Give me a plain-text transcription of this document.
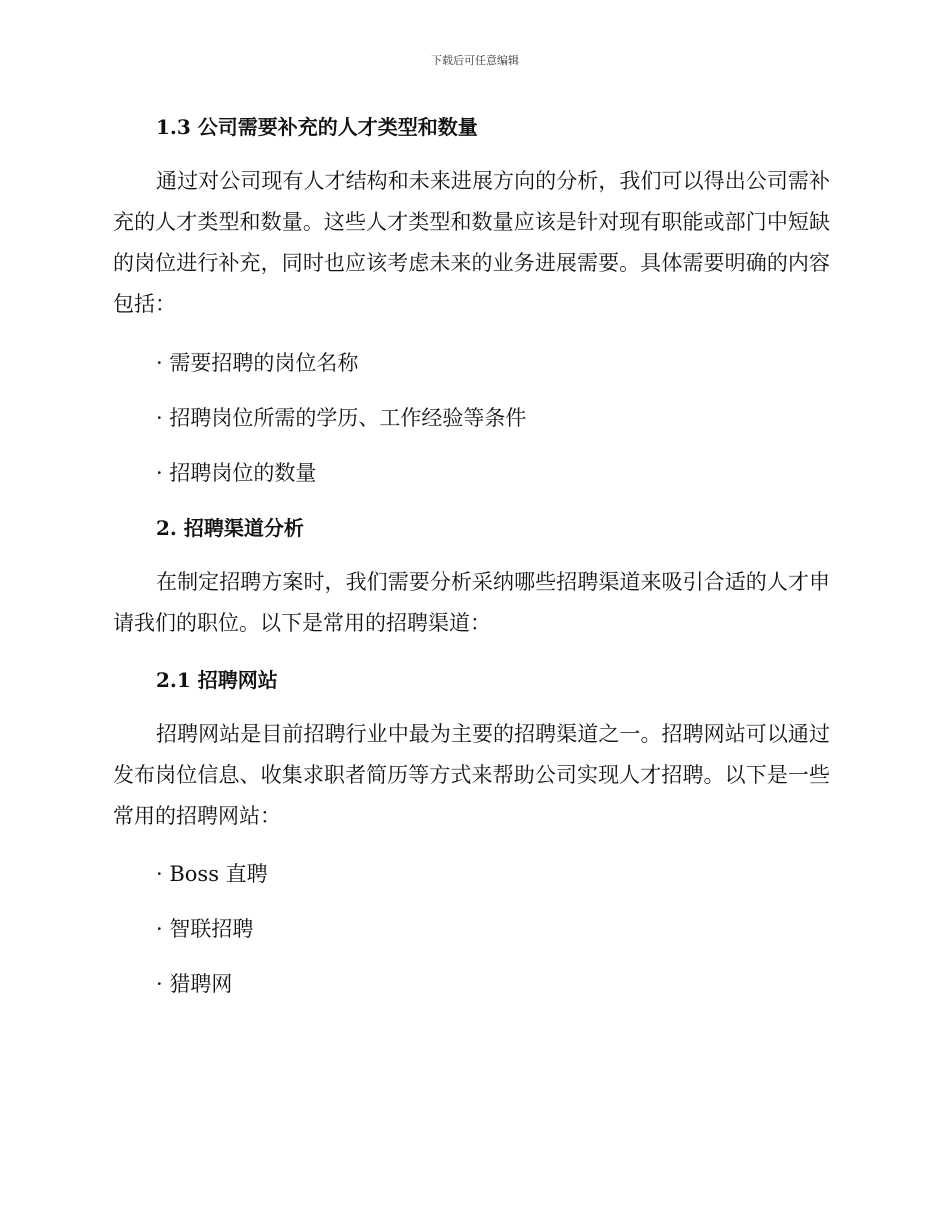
下载后可任意编辑
1.3 公司需要补充的人才类型和数量

通过对公司现有人才结构和未来进展方向的分析，我们可以得出公司需补充的人才类型和数量。这些人才类型和数量应该是针对现有职能或部门中短缺的岗位进行补充，同时也应该考虑未来的业务进展需要。具体需要明确的内容包括：

· 需要招聘的岗位名称
· 招聘岗位所需的学历、工作经验等条件
· 招聘岗位的数量
2. 招聘渠道分析

在制定招聘方案时，我们需要分析采纳哪些招聘渠道来吸引合适的人才申请我们的职位。以下是常用的招聘渠道：

2.1 招聘网站

招聘网站是目前招聘行业中最为主要的招聘渠道之一。招聘网站可以通过发布岗位信息、收集求职者简历等方式来帮助公司实现人才招聘。以下是一些常用的招聘网站：

· Boss 直聘
· 智联招聘
· 猎聘网
